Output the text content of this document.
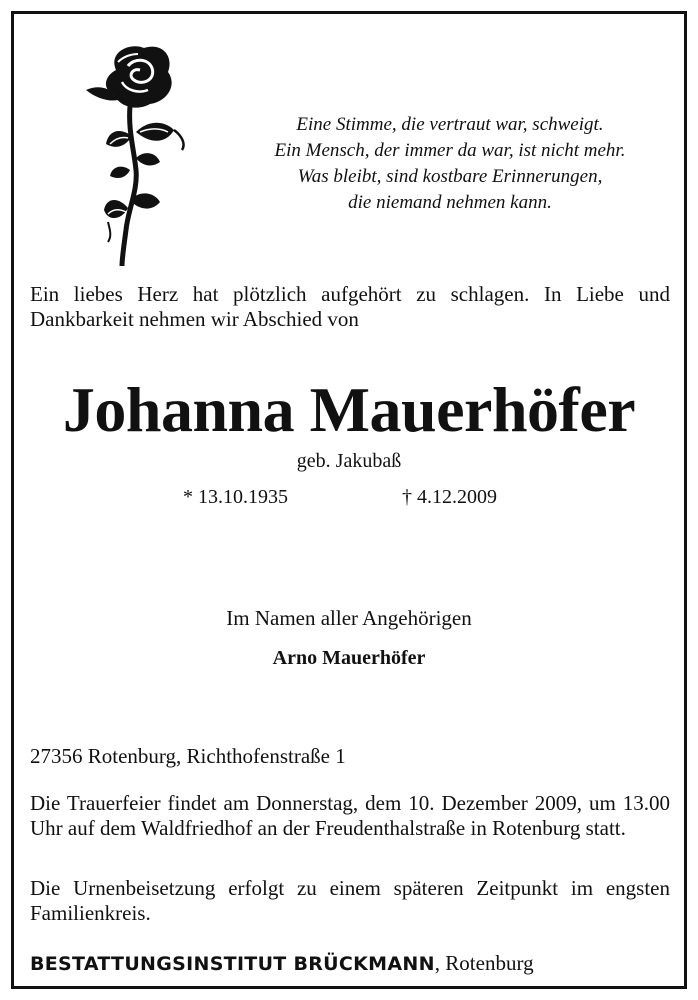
Eine Stimme, die vertraut war, schweigt.
Ein Mensch, der immer da war, ist nicht mehr.
Was bleibt, sind kostbare Erinnerungen,
die niemand nehmen kann.
Ein liebes Herz hat plötzlich aufgehört zu schlagen. In Liebe und Dankbarkeit nehmen wir Abschied von
Johanna Mauerhöfer
geb. Jakubaß
* 13.10.1935	† 4.12.2009
Im Namen aller Angehörigen
Arno Mauerhöfer
27356 Rotenburg, Richthofenstraße 1
Die Trauerfeier findet am Donnerstag, dem 10. Dezember 2009, um 13.00 Uhr auf dem Waldfriedhof an der Freudenthalstraße in Rotenburg statt.
Die Urnenbeisetzung erfolgt zu einem späteren Zeitpunkt im engsten Familienkreis.
BESTATTUNGSINSTITUT BRÜCKMANN, Rotenburg
